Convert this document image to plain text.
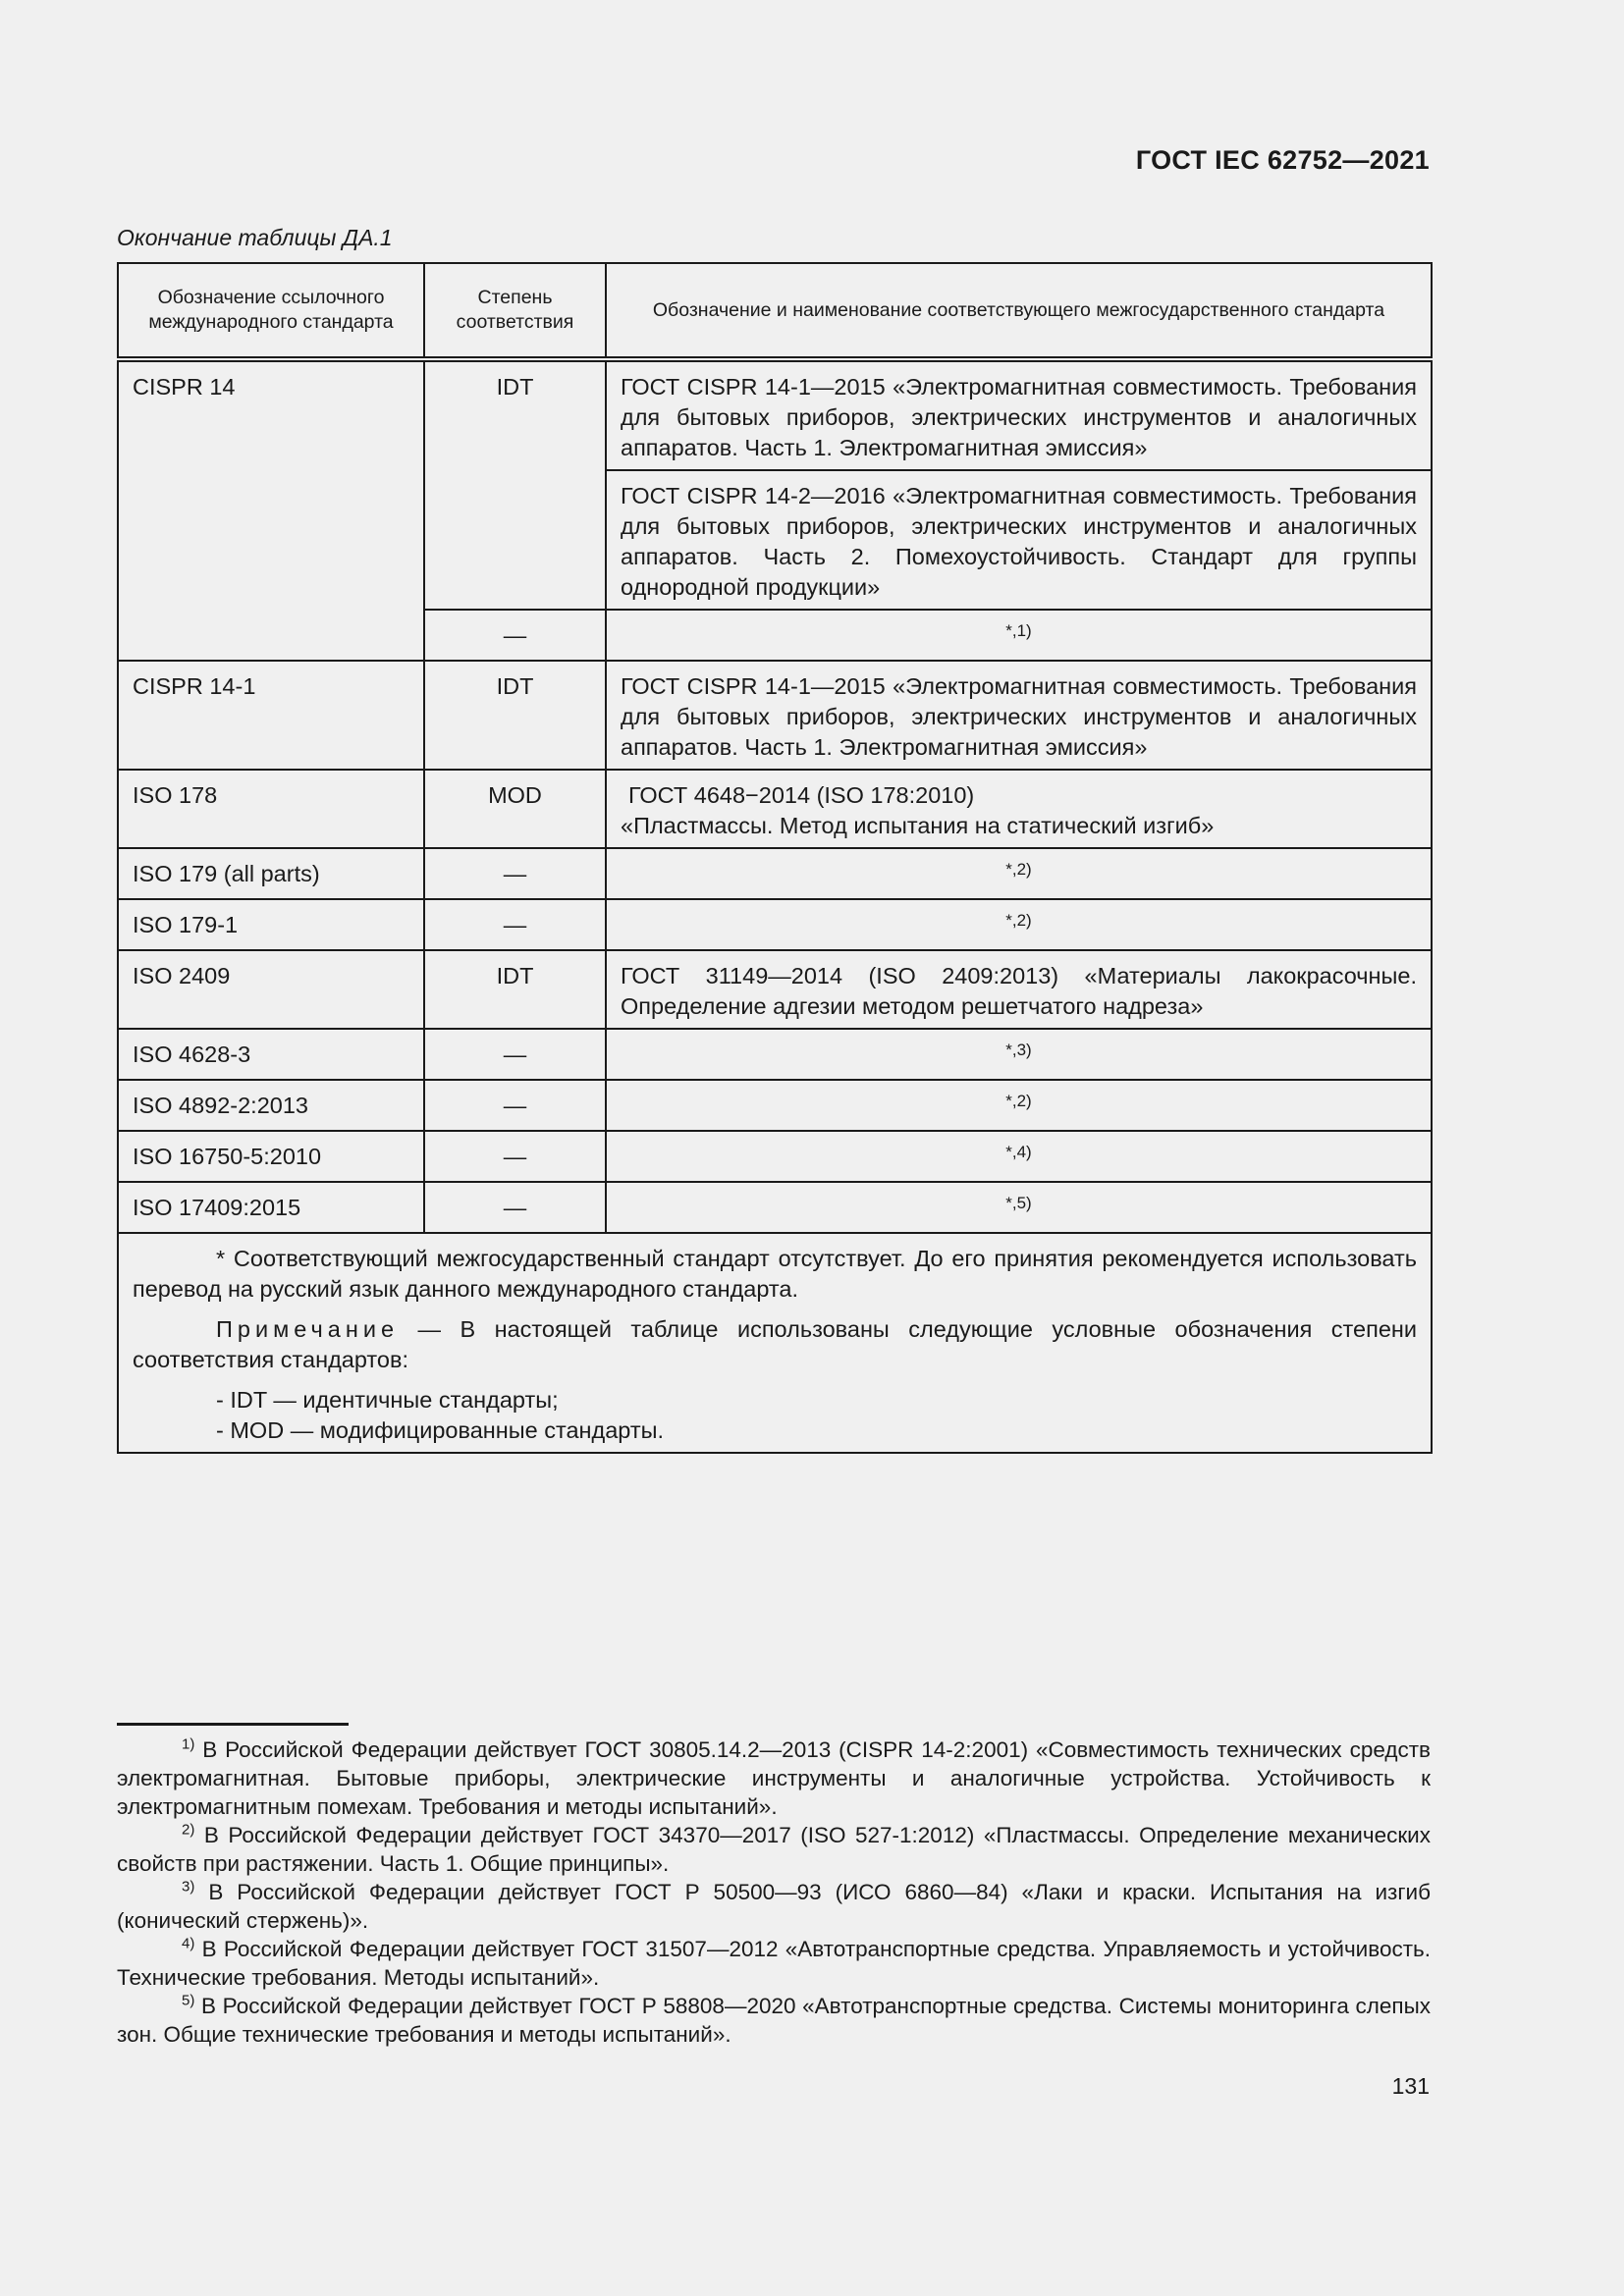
ГОСТ IEC 62752—2021
Окончание таблицы ДА.1
Обозначение ссылочного международного стандарта	Степень соответствия	Обозначение и наименование соответствующего межгосударственного стандарта
CISPR 14	IDT	ГОСТ CISPR 14-1—2015 «Электромагнитная совместимость. Требования для бытовых приборов, электрических инструментов и аналогичных аппаратов. Часть 1. Электромагнитная эмиссия»
		ГОСТ CISPR 14-2—2016 «Электромагнитная совместимость. Требования для бытовых приборов, электрических инструментов и аналогичных аппаратов. Часть 2. Помехоустойчивость. Стандарт для группы однородной продукции»
	—	*,1)
CISPR 14-1	IDT	ГОСТ CISPR 14-1—2015 «Электромагнитная совместимость. Требования для бытовых приборов, электрических инструментов и аналогичных аппаратов. Часть 1. Электромагнитная эмиссия»
ISO 178	MOD	ГОСТ 4648−2014 (ISO 178:2010)
«Пластмассы. Метод испытания на статический изгиб»

ISO 179 (all parts)	—	*,2)
ISO 179-1	—	*,2)
ISO 2409	IDT	ГОСТ 31149—2014 (ISO 2409:2013) «Материалы лакокрасочные. Определение адгезии методом решетчатого надреза»
ISO 4628-3	—	*,3)
ISO 4892-2:2013	—	*,2)
ISO 16750-5:2010	—	*,4)
ISO 17409:2015	—	*,5)

* Соответствующий межгосударственный стандарт отсутствует. До его принятия рекомендуется использовать перевод на русский язык данного международного стандарта.

Примечание — В настоящей таблице использованы следующие условные обозначения степени соответствия стандартов:

- IDT — идентичные стандарты;
- MOD — модифицированные стандарты.		

$^{1)}$ В Российской Федерации действует ГОСТ 30805.14.2—2013 (CISPR 14-2:2001) «Совместимость технических средств электромагнитная. Бытовые приборы, электрические инструменты и аналогичные устройства. Устойчивость к электромагнитным помехам. Требования и методы испытаний».

$^{2)}$ В Российской Федерации действует ГОСТ 34370—2017 (ISO 527-1:2012) «Пластмассы. Определение механических свойств при растяжении. Часть 1. Общие принципы».

$^{3)}$ В Российской Федерации действует ГОСТ Р 50500—93 (ИСО 6860—84) «Лаки и краски. Испытания на изгиб (конический стержень)».

$^{4)}$ В Российской Федерации действует ГОСТ 31507—2012 «Автотранспортные средства. Управляемость и устойчивость. Технические требования. Методы испытаний».

$^{5)}$ В Российской Федерации действует ГОСТ Р 58808—2020 «Автотранспортные средства. Системы мониторинга слепых зон. Общие технические требования и методы испытаний».

131
